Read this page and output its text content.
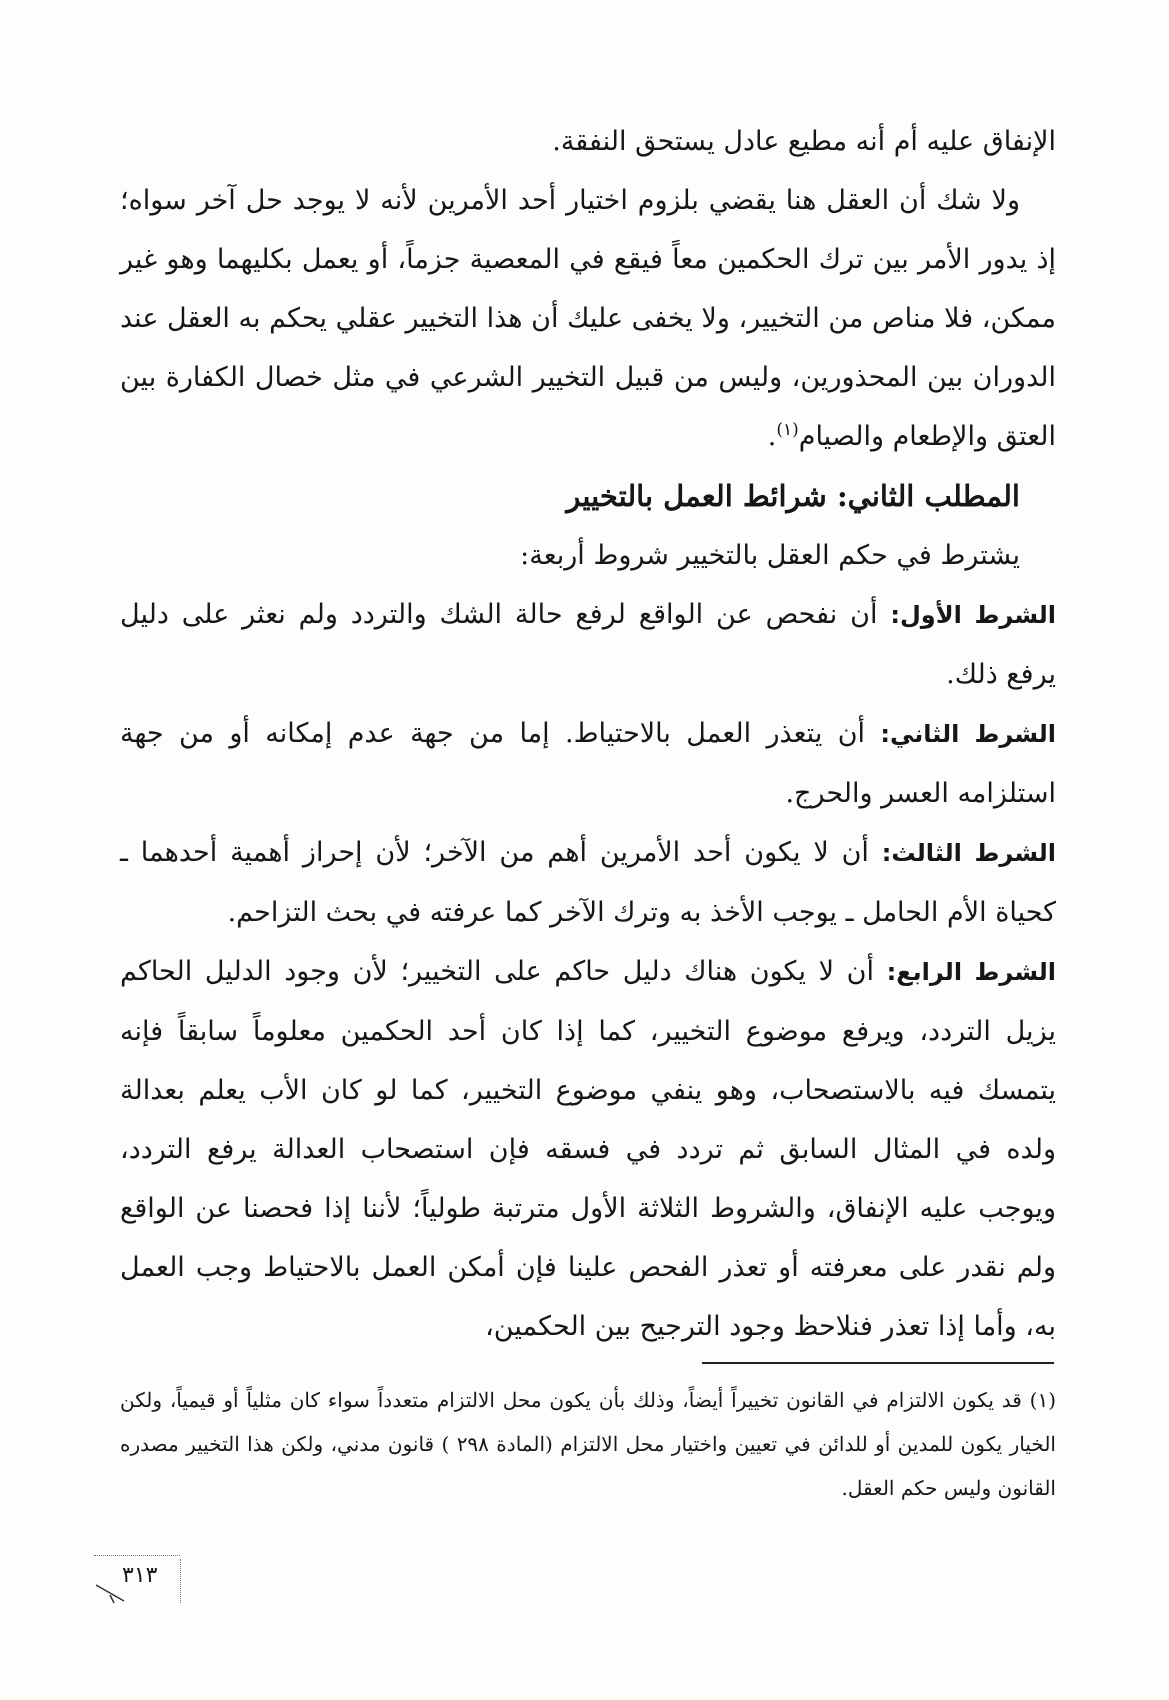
الإنفاق عليه أم أنه مطيع عادل يستحق النفقة.

ولا شك أن العقل هنا يقضي بلزوم اختيار أحد الأمرين لأنه لا يوجد حل آخر سواه؛ إذ يدور الأمر بين ترك الحكمين معاً فيقع في المعصية جزماً، أو يعمل بكليهما وهو غير ممكن، فلا مناص من التخيير، ولا يخفى عليك أن هذا التخيير عقلي يحكم به العقل عند الدوران بين المحذورين، وليس من قبيل التخيير الشرعي في مثل خصال الكفارة بين العتق والإطعام والصيام$^{(١)}$.

المطلب الثاني: شرائط العمل بالتخيير

يشترط في حكم العقل بالتخيير شروط أربعة:

الشرط الأول: أن نفحص عن الواقع لرفع حالة الشك والتردد ولم نعثر على دليل يرفع ذلك.

الشرط الثاني: أن يتعذر العمل بالاحتياط. إما من جهة عدم إمكانه أو من جهة استلزامه العسر والحرج.

الشرط الثالث: أن لا يكون أحد الأمرين أهم من الآخر؛ لأن إحراز أهمية أحدهما ـ كحياة الأم الحامل ـ يوجب الأخذ به وترك الآخر كما عرفته في بحث التزاحم.

الشرط الرابع: أن لا يكون هناك دليل حاكم على التخيير؛ لأن وجود الدليل الحاكم يزيل التردد، ويرفع موضوع التخيير، كما إذا كان أحد الحكمين معلوماً سابقاً فإنه يتمسك فيه بالاستصحاب، وهو ينفي موضوع التخيير، كما لو كان الأب يعلم بعدالة ولده في المثال السابق ثم تردد في فسقه فإن استصحاب العدالة يرفع التردد، ويوجب عليه الإنفاق، والشروط الثلاثة الأول مترتبة طولياً؛ لأننا إذا فحصنا عن الواقع ولم نقدر على معرفته أو تعذر الفحص علينا فإن أمكن العمل بالاحتياط وجب العمل به، وأما إذا تعذر فنلاحظ وجود الترجيح بين الحكمين،

(١) قد يكون الالتزام في القانون تخييراً أيضاً، وذلك بأن يكون محل الالتزام متعدداً سواء كان مثلياً أو قيمياً، ولكن الخيار يكون للمدين أو للدائن في تعيين واختيار محل الالتزام (المادة ٢٩٨ ) قانون مدني، ولكن هذا التخيير مصدره القانون وليس حكم العقل.

٣١٣
